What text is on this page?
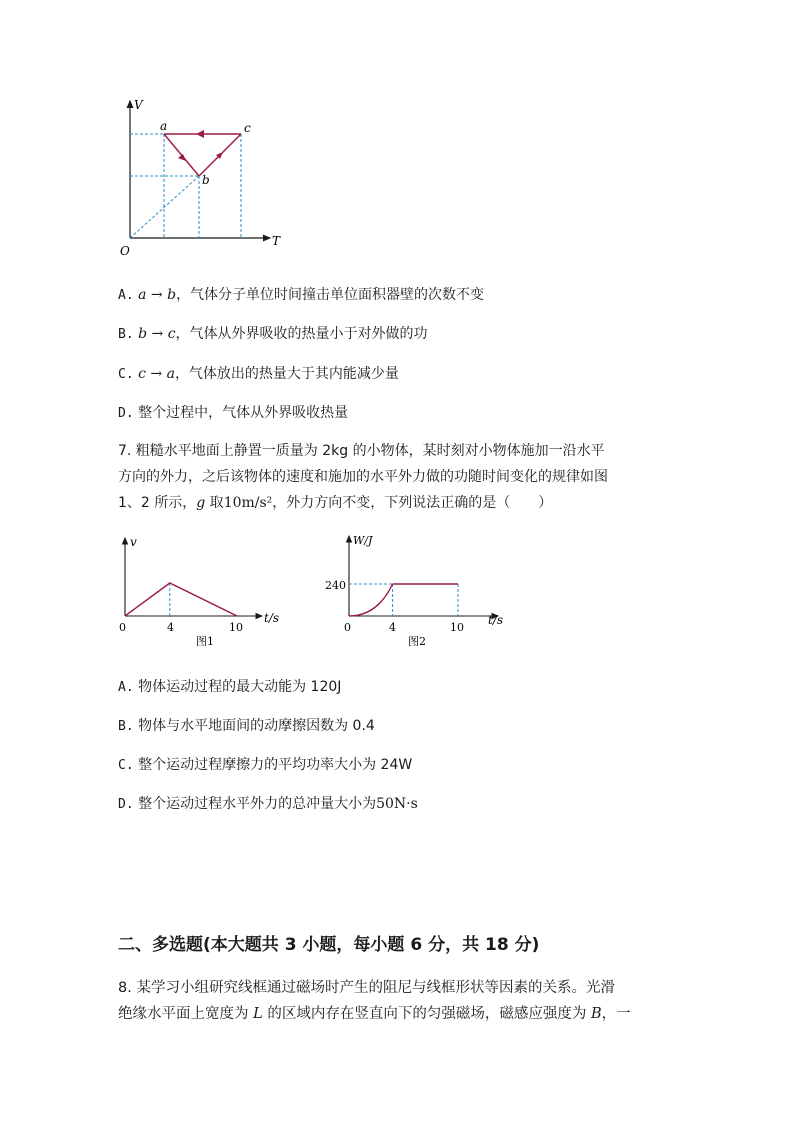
V
T
O
a
b
c
A. a → b，气体分子单位时间撞击单位面积器壁的次数不变
B. b → c，气体从外界吸收的热量小于对外做的功
C. c → a，气体放出的热量大于其内能减少量
D. 整个过程中，气体从外界吸收热量
7. 粗糙水平地面上静置一质量为 2kg 的小物体，某时刻对小物体施加一沿水平
方向的外力，之后该物体的速度和施加的水平外力做的功随时间变化的规律如图
1、2 所示，g 取10m/s²，外力方向不变，下列说法正确的是（　　）
v
t/s
0	4	10
图1
W/J
t/s
240
0	4	10
图2
A. 物体运动过程的最大动能为 120J
B. 物体与水平地面间的动摩擦因数为 0.4
C. 整个运动过程摩擦力的平均功率大小为 24W
D. 整个运动过程水平外力的总冲量大小为50N·s
二、多选题(本大题共 3 小题，每小题 6 分，共 18 分)
8. 某学习小组研究线框通过磁场时产生的阻尼与线框形状等因素的关系。光滑
绝缘水平面上宽度为 L 的区域内存在竖直向下的匀强磁场，磁感应强度为 B，一
